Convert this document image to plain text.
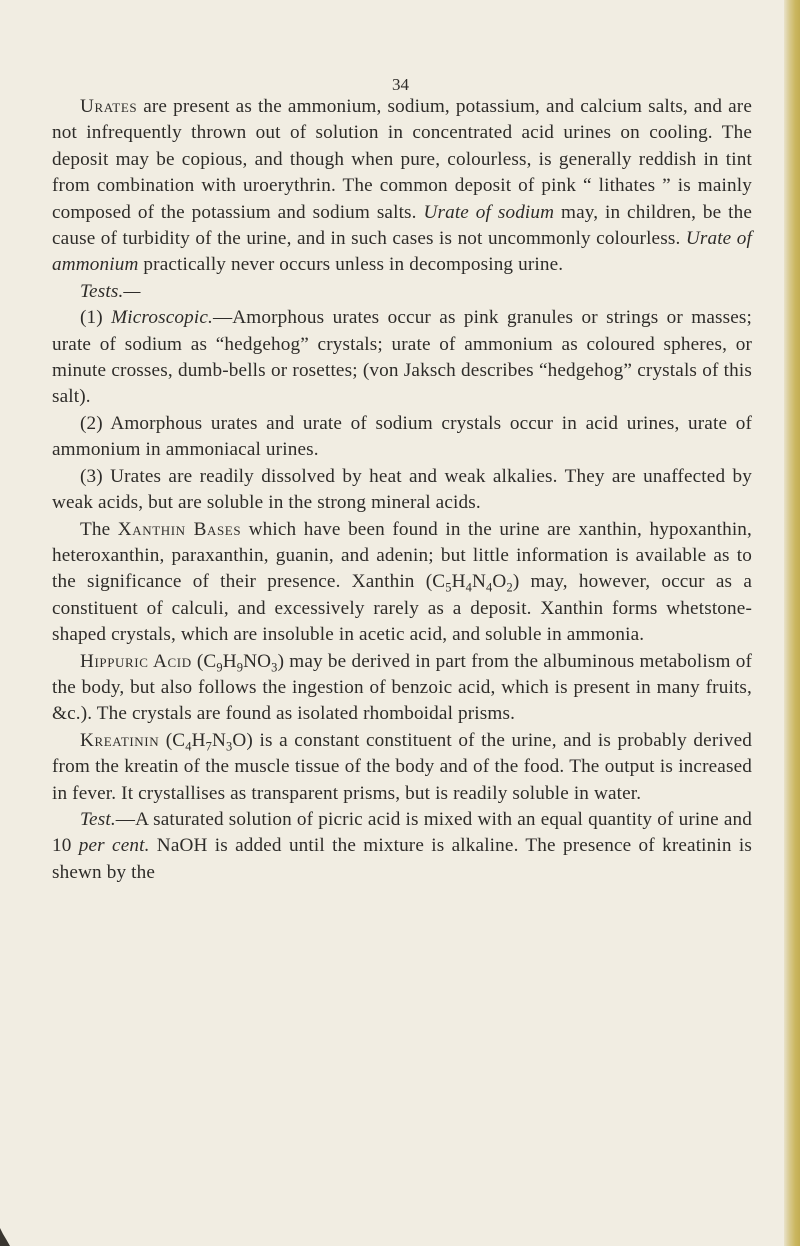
34

Urates are present as the ammonium, sodium, potassium, and calcium salts, and are not infrequently thrown out of solution in concentrated acid urines on cooling. The deposit may be copious, and though when pure, colourless, is generally reddish in tint from combination with uroerythrin. The common deposit of pink “ lithates ” is mainly composed of the potassium and sodium salts. Urate of sodium may, in children, be the cause of turbidity of the urine, and in such cases is not uncommonly colourless. Urate of ammonium practically never occurs unless in decomposing urine.

Tests.—

(1) Microscopic.—Amorphous urates occur as pink granules or strings or masses; urate of sodium as “hedgehog” crystals; urate of ammonium as coloured spheres, or minute crosses, dumb-bells or rosettes; (von Jaksch describes “hedgehog” crystals of this salt).

(2) Amorphous urates and urate of sodium crystals occur in acid urines, urate of ammonium in ammoniacal urines.

(3) Urates are readily dissolved by heat and weak alkalies. They are unaffected by weak acids, but are soluble in the strong mineral acids.

The Xanthin Bases which have been found in the urine are xanthin, hypoxanthin, heteroxanthin, paraxanthin, guanin, and adenin; but little information is available as to the significance of their presence. Xanthin $(C_5H_4N_4O_2)$ may, however, occur as a constituent of calculi, and excessively rarely as a deposit. Xanthin forms whetstone-shaped crystals, which are insoluble in acetic acid, and soluble in ammonia.

Hippuric Acid $(C_9H_9NO_3)$ may be derived in part from the albuminous metabolism of the body, but also follows the ingestion of benzoic acid, which is present in many fruits, &c.). The crystals are found as isolated rhomboidal prisms.

Kreatinin $(C_4H_7N_3O)$ is a constant constituent of the urine, and is probably derived from the kreatin of the muscle tissue of the body and of the food. The output is increased in fever. It crystallises as transparent prisms, but is readily soluble in water.

Test.—A saturated solution of picric acid is mixed with an equal quantity of urine and 10 per cent. NaOH is added until the mixture is alkaline. The presence of kreatinin is shewn by the
